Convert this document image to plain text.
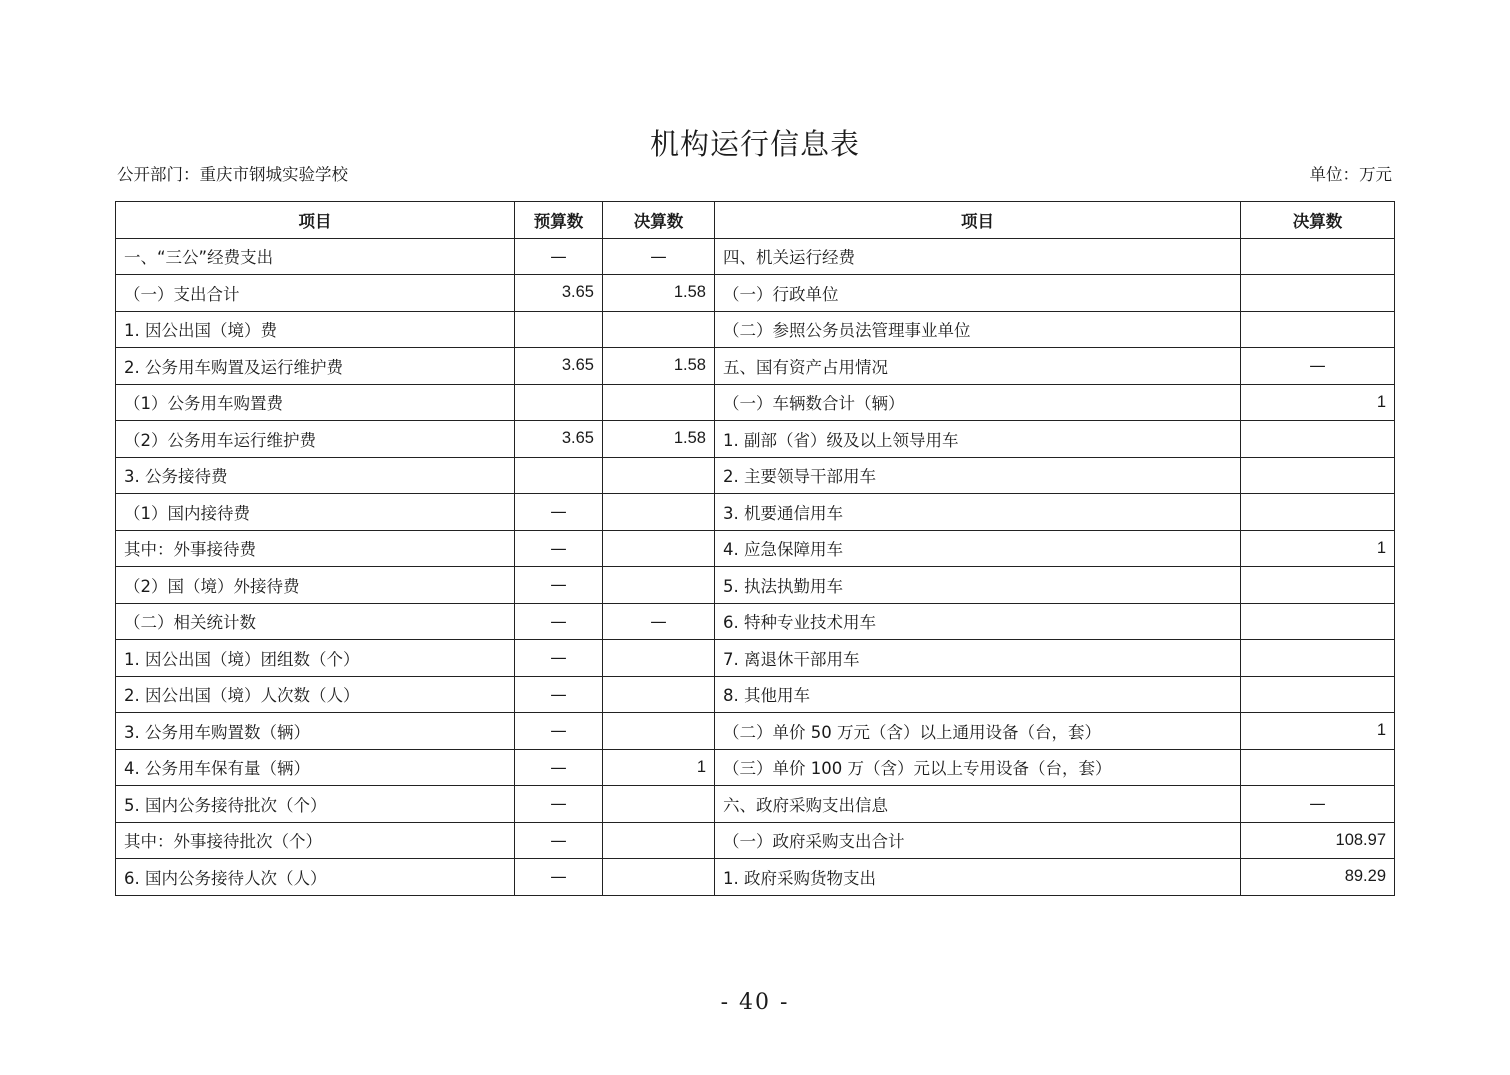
机构运行信息表
公开部门：重庆市钢城实验学校	单位：万元
项目	预算数	决算数	项目	决算数
一、“三公”经费支出	—	—	四、机关运行经费	
（一）支出合计	3.65	1.58	（一）行政单位	
1. 因公出国（境）费			（二）参照公务员法管理事业单位	
2. 公务用车购置及运行维护费	3.65	1.58	五、国有资产占用情况	—
（1）公务用车购置费			（一）车辆数合计（辆）	1
（2）公务用车运行维护费	3.65	1.58	1. 副部（省）级及以上领导用车	
3. 公务接待费			2. 主要领导干部用车	
（1）国内接待费	—		3. 机要通信用车	
其中：外事接待费	—		4. 应急保障用车	1
（2）国（境）外接待费	—		5. 执法执勤用车	
（二）相关统计数	—	—	6. 特种专业技术用车	
1. 因公出国（境）团组数（个）	—		7. 离退休干部用车	
2. 因公出国（境）人次数（人）	—		8. 其他用车	
3. 公务用车购置数（辆）	—		（二）单价 50 万元（含）以上通用设备（台，套）	1
4. 公务用车保有量（辆）	—	1	（三）单价 100 万（含）元以上专用设备（台，套）	
5. 国内公务接待批次（个）	—		六、政府采购支出信息	—
其中：外事接待批次（个）	—		（一）政府采购支出合计	108.97
6. 国内公务接待人次（人）	—		1. 政府采购货物支出	89.29
- 40 -
